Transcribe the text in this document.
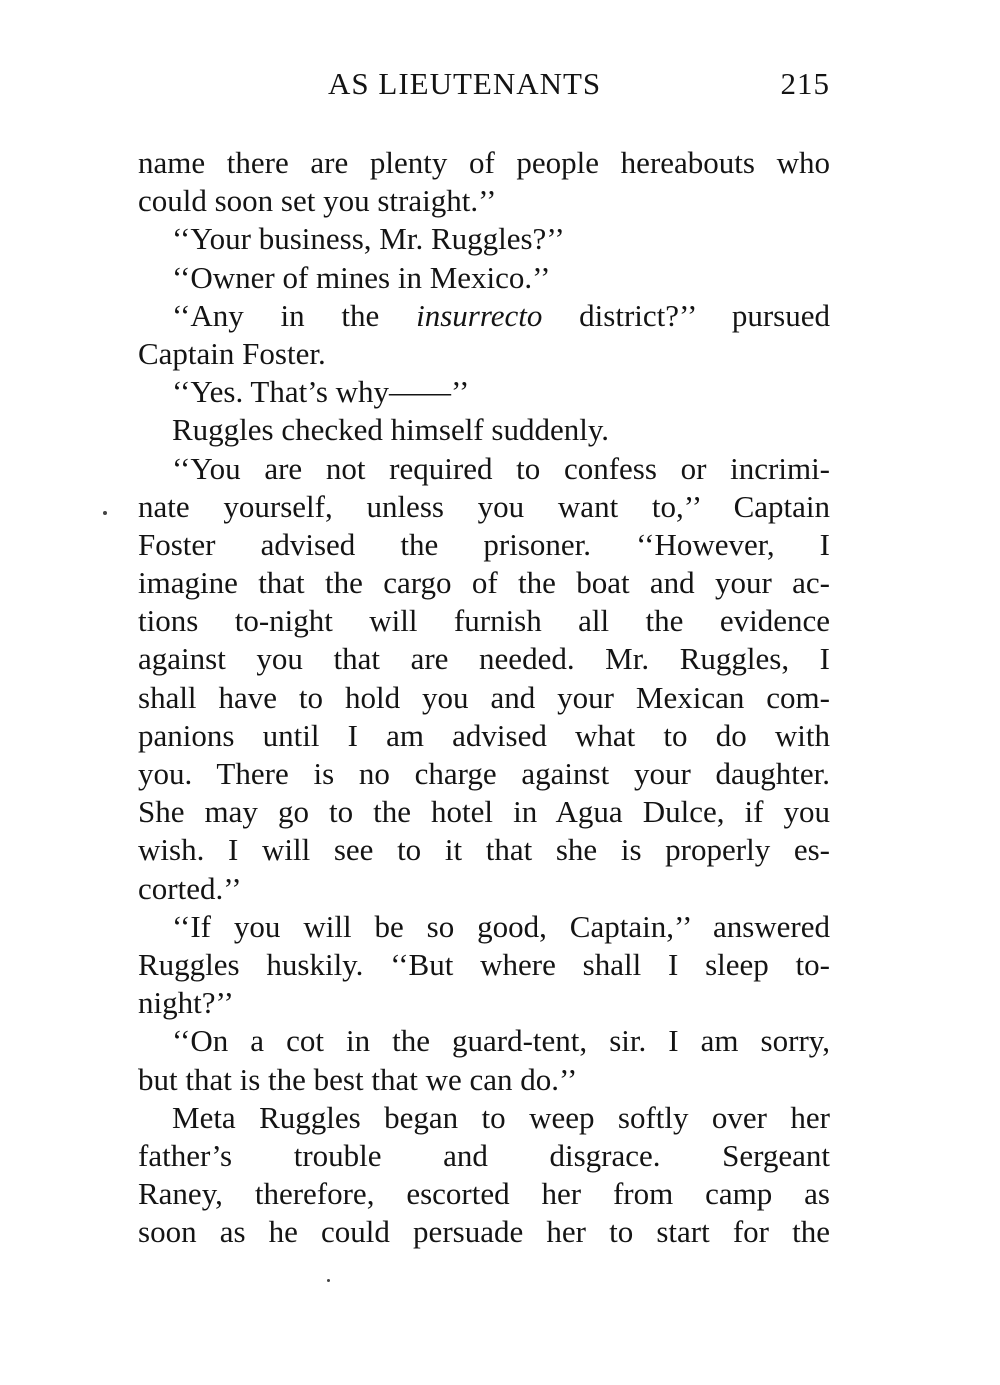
AS LIEUTENANTS	215
name there are plenty of people hereabouts who
could soon set you straight.’’
‘‘Your business, Mr. Ruggles?’’
‘‘Owner of mines in Mexico.’’
‘‘Any in the insurrecto district?’’ pursued
Captain Foster.
‘‘Yes. That’s why——’’
Ruggles checked himself suddenly.
‘‘You are not required to confess or incrimi-
nate yourself, unless you want to,’’ Captain
Foster advised the prisoner. ‘‘However, I
imagine that the cargo of the boat and your ac-
tions to-night will furnish all the evidence
against you that are needed. Mr. Ruggles, I
shall have to hold you and your Mexican com-
panions until I am advised what to do with
you. There is no charge against your daughter.
She may go to the hotel in Agua Dulce, if you
wish. I will see to it that she is properly es-
corted.’’
‘‘If you will be so good, Captain,’’ answered
Ruggles huskily. ‘‘But where shall I sleep to-
night?’’
‘‘On a cot in the guard-tent, sir. I am sorry,
but that is the best that we can do.’’
Meta Ruggles began to weep softly over her
father’s trouble and disgrace. Sergeant
Raney, therefore, escorted her from camp as
soon as he could persuade her to start for the
